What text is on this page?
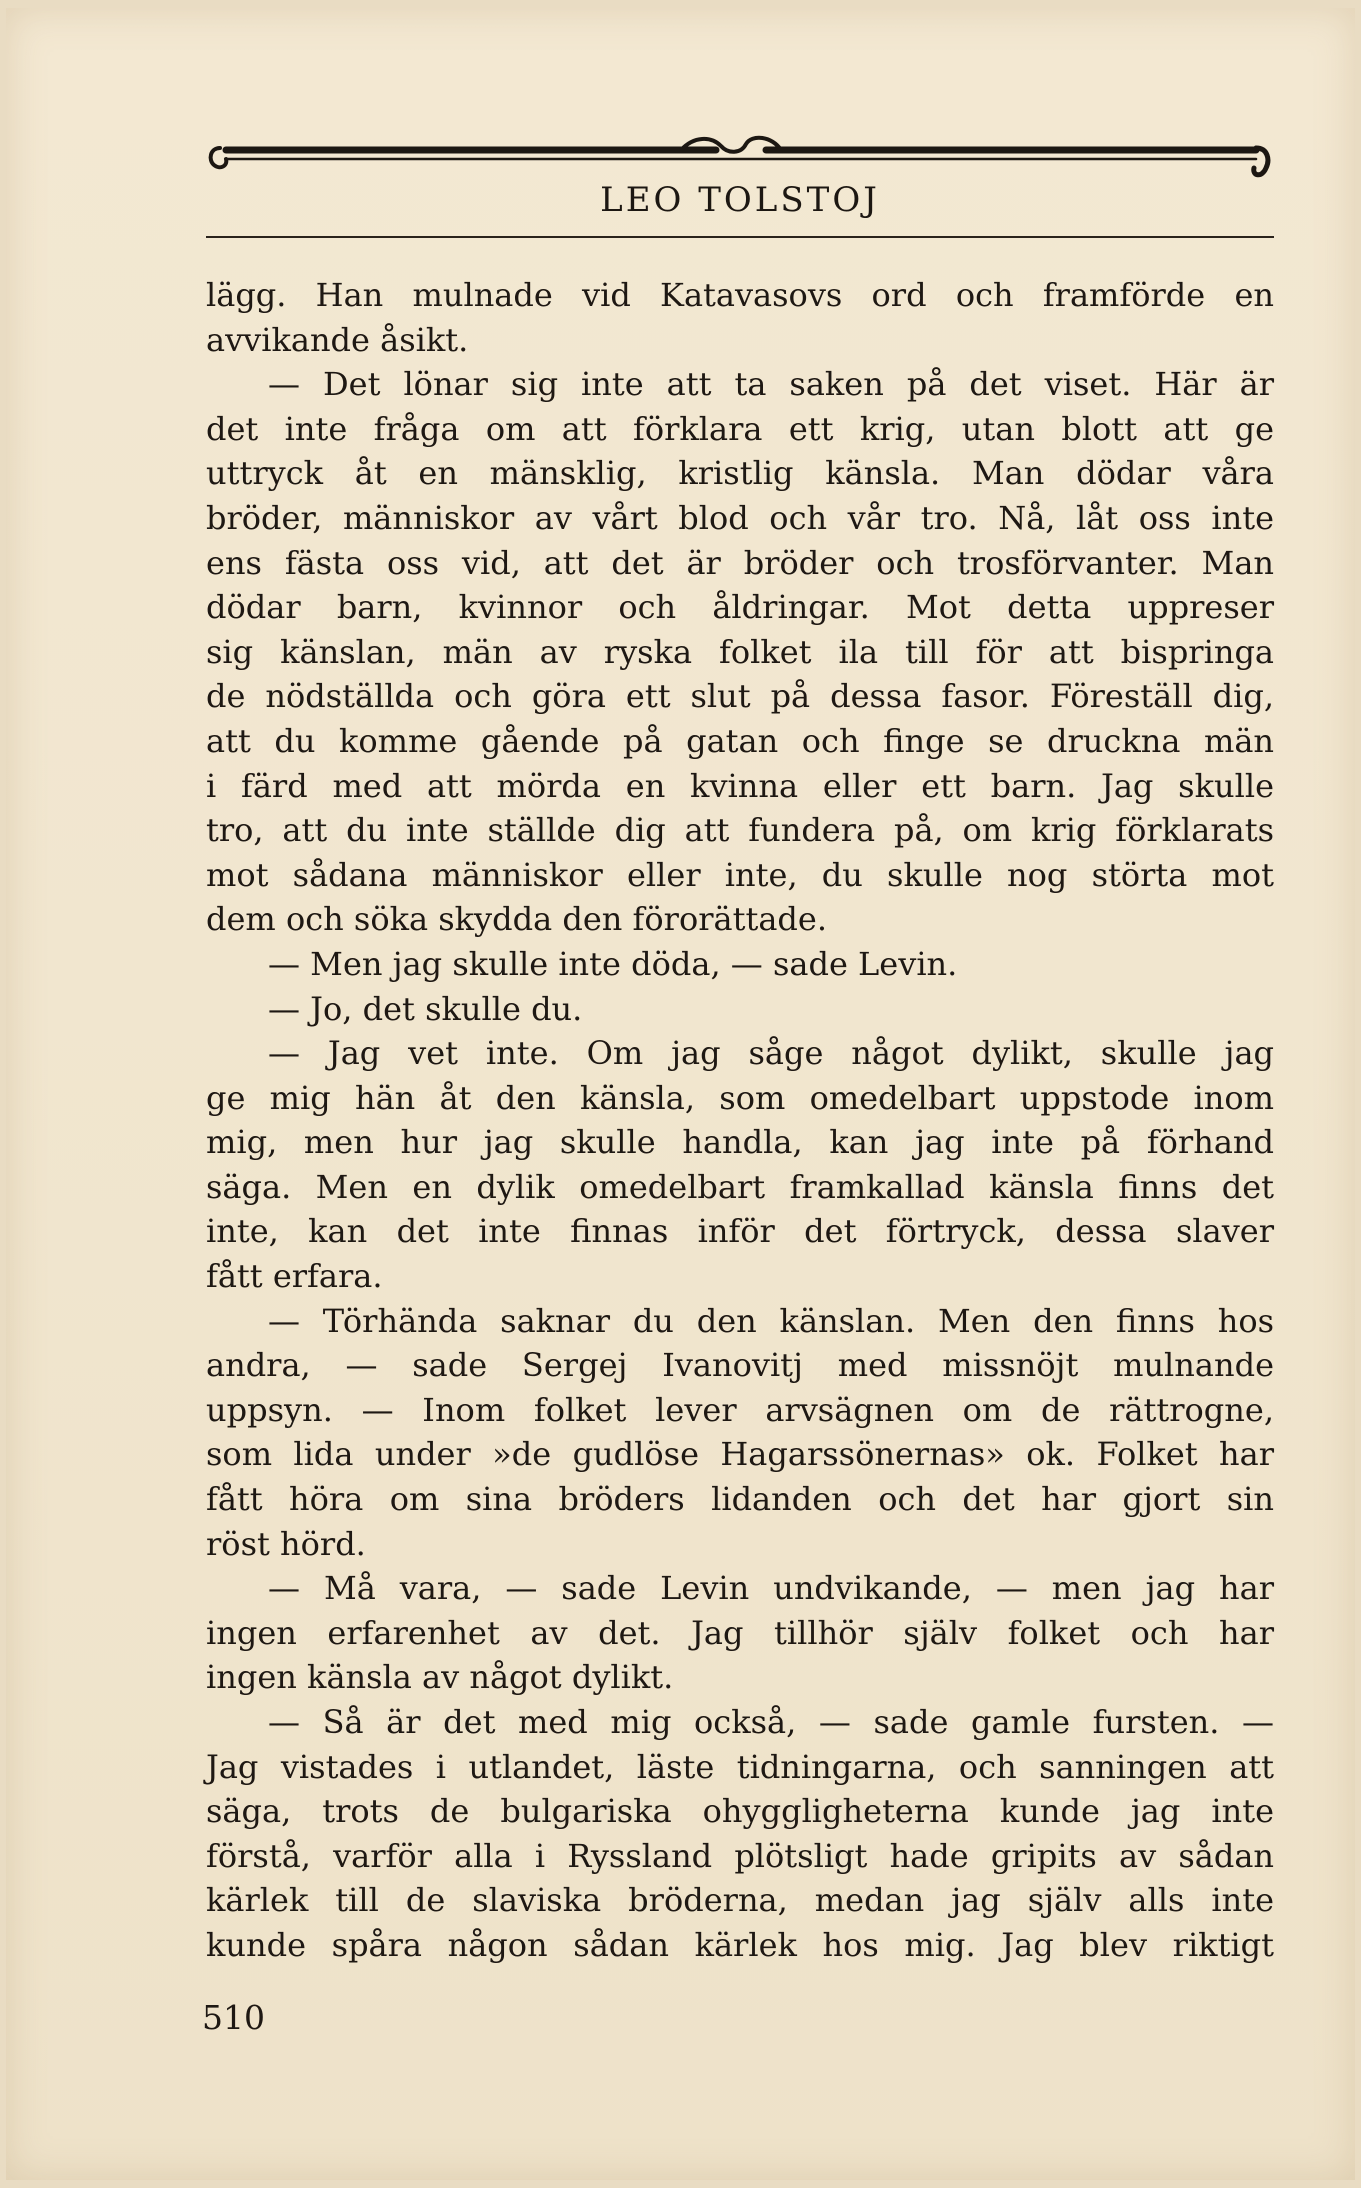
LEO TOLSTOJ
lägg. Han mulnade vid Katavasovs ord och framförde en
avvikande åsikt.
— Det lönar sig inte att ta saken på det viset. Här är
det inte fråga om att förklara ett krig, utan blott att ge
uttryck åt en mänsklig, kristlig känsla. Man dödar våra
bröder, människor av vårt blod och vår tro. Nå, låt oss inte
ens fästa oss vid, att det är bröder och trosförvanter. Man
dödar barn, kvinnor och åldringar. Mot detta uppreser
sig känslan, män av ryska folket ila till för att bispringa
de nödställda och göra ett slut på dessa fasor. Föreställ dig,
att du komme gående på gatan och finge se druckna män
i färd med att mörda en kvinna eller ett barn. Jag skulle
tro, att du inte ställde dig att fundera på, om krig förklarats
mot sådana människor eller inte, du skulle nog störta mot
dem och söka skydda den förorättade.
— Men jag skulle inte döda, — sade Levin.
— Jo, det skulle du.
— Jag vet inte. Om jag såge något dylikt, skulle jag
ge mig hän åt den känsla, som omedelbart uppstode inom
mig, men hur jag skulle handla, kan jag inte på förhand
säga. Men en dylik omedelbart framkallad känsla finns det
inte, kan det inte finnas inför det förtryck, dessa slaver
fått erfara.
— Törhända saknar du den känslan. Men den finns hos
andra, — sade Sergej Ivanovitj med missnöjt mulnande
uppsyn. — Inom folket lever arvsägnen om de rättrogne,
som lida under »de gudlöse Hagarssönernas» ok. Folket har
fått höra om sina bröders lidanden och det har gjort sin
röst hörd.
— Må vara, — sade Levin undvikande, — men jag har
ingen erfarenhet av det. Jag tillhör själv folket och har
ingen känsla av något dylikt.
— Så är det med mig också, — sade gamle fursten. —
Jag vistades i utlandet, läste tidningarna, och sanningen att
säga, trots de bulgariska ohyggligheterna kunde jag inte
förstå, varför alla i Ryssland plötsligt hade gripits av sådan
kärlek till de slaviska bröderna, medan jag själv alls inte
kunde spåra någon sådan kärlek hos mig. Jag blev riktigt
510
